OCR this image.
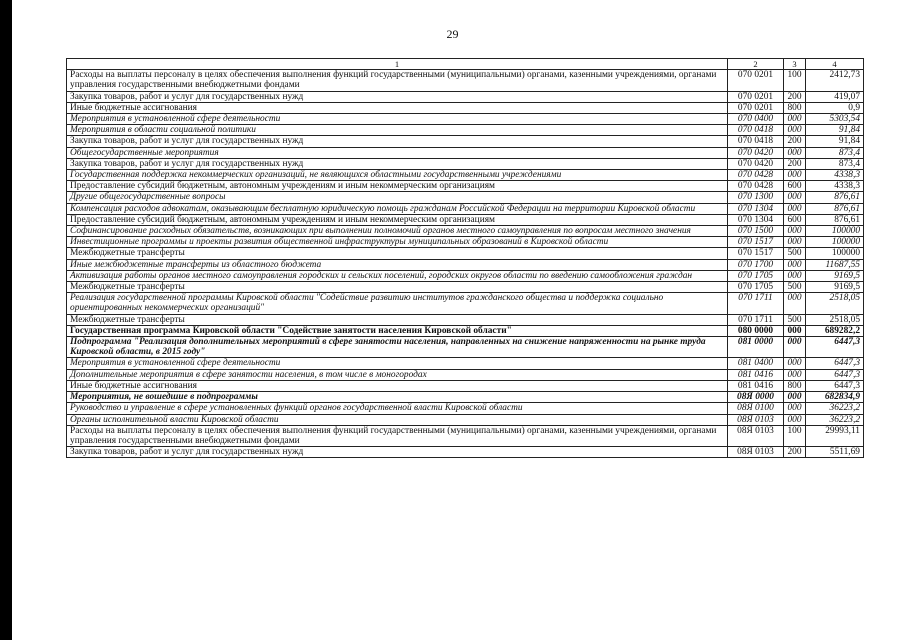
29
1	2	3	4
Расходы на выплаты персоналу в целях обеспечения выполнения функций государственными (муниципальными) органами, казенными учреждениями, органами управления государственными внебюджетными фондами	070 0201	100	2412,73
Закупка товаров, работ и услуг для государственных нужд	070 0201	200	419,07
Иные бюджетные ассигнования	070 0201	800	0,9
Мероприятия в установленной сфере деятельности	070 0400	000	5303,54
Мероприятия в области социальной политики	070 0418	000	91,84
Закупка товаров, работ и услуг для государственных нужд	070 0418	200	91,84
Общегосударственные мероприятия	070 0420	000	873,4
Закупка товаров, работ и услуг для государственных нужд	070 0420	200	873,4
Государственная поддержка некоммерческих организаций, не являющихся областными государственными учреждениями	070 0428	000	4338,3
Предоставление субсидий бюджетным, автономным учреждениям и иным некоммерческим организациям	070 0428	600	4338,3
Другие общегосударственные вопросы	070 1300	000	876,61
Компенсация расходов адвокатам, оказывающим бесплатную юридическую помощь гражданам Российской Федерации на территории Кировской области	070 1304	000	876,61
Предоставление субсидий бюджетным, автономным учреждениям и иным некоммерческим организациям	070 1304	600	876,61
Софинансирование расходных обязательств, возникающих при выполнении полномочий органов местного самоуправления по вопросам местного значения	070 1500	000	100000
Инвестиционные программы и проекты развития общественной инфраструктуры муниципальных образований в Кировской области	070 1517	000	100000
Межбюджетные трансферты	070 1517	500	100000
Иные межбюджетные трансферты из областного бюджета	070 1700	000	11687,55
Активизация работы органов местного самоуправления городских и сельских поселений, городских округов области по введению самообложения граждан	070 1705	000	9169,5
Межбюджетные трансферты	070 1705	500	9169,5
Реализация государственной программы Кировской области "Содействие развитию институтов гражданского общества и поддержка социально ориентированных некоммерческих организаций"	070 1711	000	2518,05
Межбюджетные трансферты	070 1711	500	2518,05
Государственная программа Кировской области "Содействие занятости населения Кировской области"	080 0000	000	689282,2
Подпрограмма "Реализация дополнительных мероприятий в сфере занятости населения, направленных на снижение напряженности на рынке труда Кировской области, в 2015 году"	081 0000	000	6447,3
Мероприятия в установленной сфере деятельности	081 0400	000	6447,3
Дополнительные мероприятия в сфере занятости населения, в том числе в моногородах	081 0416	000	6447,3
Иные бюджетные ассигнования	081 0416	800	6447,3
Мероприятия, не вошедшие в подпрограммы	08Я 0000	000	682834,9
Руководство и управление в сфере установленных функций органов государственной власти Кировской области	08Я 0100	000	36223,2
Органы исполнительной власти Кировской области	08Я 0103	000	36223,2
Расходы на выплаты персоналу в целях обеспечения выполнения функций государственными (муниципальными) органами, казенными учреждениями, органами управления государственными внебюджетными фондами	08Я 0103	100	29993,11
Закупка товаров, работ и услуг для государственных нужд	08Я 0103	200	5511,69
